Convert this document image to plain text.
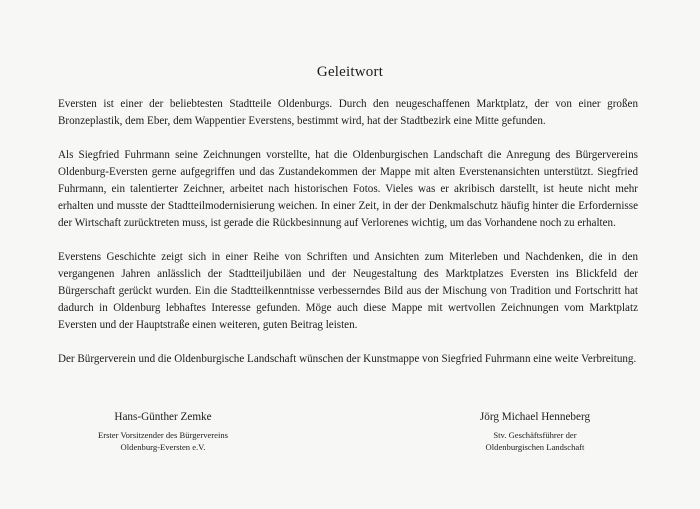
Geleitwort

Eversten ist einer der beliebtesten Stadtteile Oldenburgs. Durch den neugeschaffenen Marktplatz, der von einer großen Bronzeplastik, dem Eber, dem Wappentier Everstens, bestimmt wird, hat der Stadtbezirk eine Mitte gefunden.

Als Siegfried Fuhrmann seine Zeichnungen vorstellte, hat die Oldenburgischen Landschaft die Anregung des Bürgervereins Oldenburg-Eversten gerne aufgegriffen und das Zustandekommen der Mappe mit alten Everstenansichten unterstützt. Siegfried Fuhrmann, ein talentierter Zeichner, arbeitet nach historischen Fotos. Vieles was er akribisch darstellt, ist heute nicht mehr erhalten und musste der Stadtteilmodernisierung weichen. In einer Zeit, in der der Denkmalschutz häufig hinter die Erfordernisse der Wirtschaft zurücktreten muss, ist gerade die Rückbesinnung auf Verlorenes wichtig, um das Vorhandene noch zu erhalten.

Everstens Geschichte zeigt sich in einer Reihe von Schriften und Ansichten zum Miterleben und Nachdenken, die in den vergangenen Jahren anlässlich der Stadtteiljubiläen und der Neugestaltung des Marktplatzes Eversten ins Blickfeld der Bürgerschaft gerückt wurden. Ein die Stadtteilkenntnisse verbesserndes Bild aus der Mischung von Tradition und Fortschritt hat dadurch in Oldenburg lebhaftes Interesse gefunden. Möge auch diese Mappe mit wertvollen Zeichnungen vom Marktplatz Eversten und der Hauptstraße einen weiteren, guten Beitrag leisten.

Der Bürgerverein und die Oldenburgische Landschaft wünschen der Kunstmappe von Siegfried Fuhrmann eine weite Verbreitung.

Hans-Günther Zemke
Erster Vorsitzender des Bürgervereins
Oldenburg-Eversten e.V.
Jörg Michael Henneberg
Stv. Geschäftsführer der
Oldenburgischen Landschaft
